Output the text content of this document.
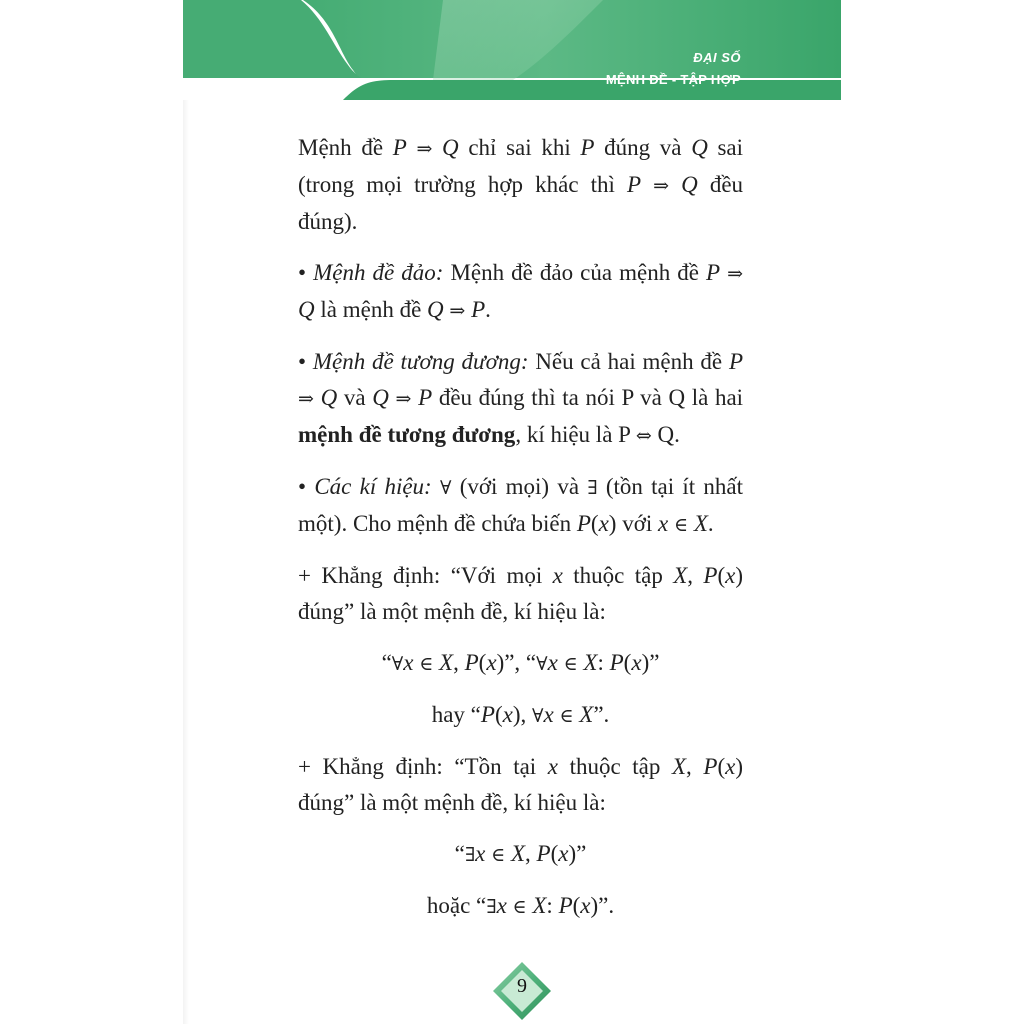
ĐẠI SỐ
MỆNH ĐỀ - TẬP HỢP

Mệnh đề P ⇒ Q chỉ sai khi P đúng và Q sai (trong mọi trường hợp khác thì P ⇒ Q đều đúng).

• Mệnh đề đảo: Mệnh đề đảo của mệnh đề P ⇒ Q là mệnh đề Q ⇒ P.

• Mệnh đề tương đương: Nếu cả hai mệnh đề P ⇒ Q và Q ⇒ P đều đúng thì ta nói P và Q là hai mệnh đề tương đương, kí hiệu là P ⇔ Q.

• Các kí hiệu: ∀ (với mọi) và ∃ (tồn tại ít nhất một). Cho mệnh đề chứa biến P(x) với x ∈ X.

+ Khẳng định: “Với mọi x thuộc tập X, P(x) đúng” là một mệnh đề, kí hiệu là:

“∀x ∈ X, P(x)”, “∀x ∈ X: P(x)”

hay “P(x), ∀x ∈ X”.

+ Khẳng định: “Tồn tại x thuộc tập X, P(x) đúng” là một mệnh đề, kí hiệu là:

“∃x ∈ X, P(x)”

hoặc “∃x ∈ X: P(x)”.

9
